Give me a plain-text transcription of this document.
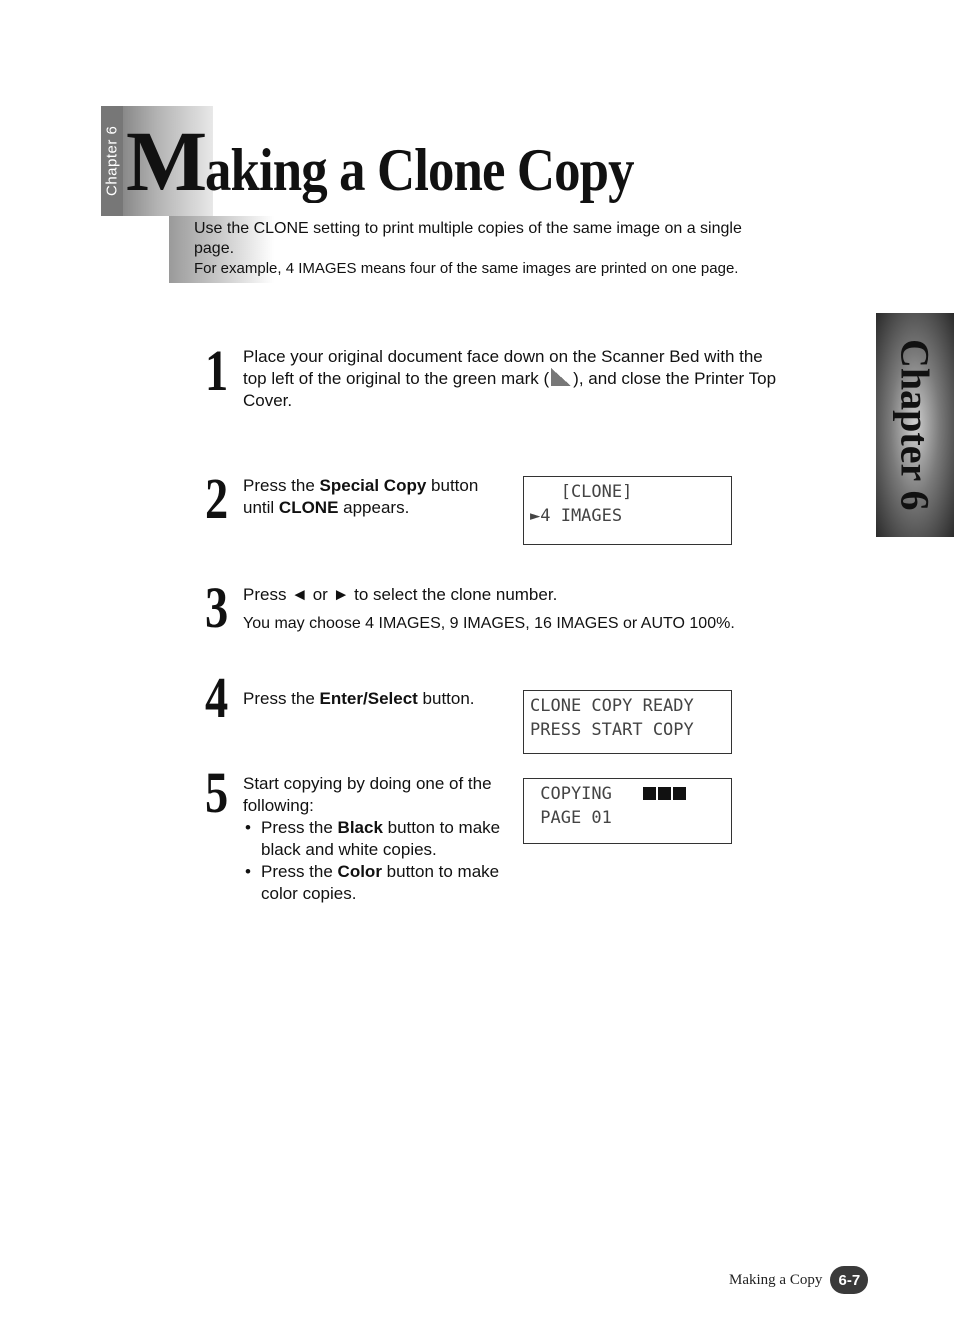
Chapter 6 Making a Clone Copy

Use the CLONE setting to print multiple copies of the same image on a single page.

For example, 4 IMAGES means four of the same images are printed on one page.

Chapter 6
1 Place your original document face down on the Scanner Bed with the top left of the original to the green mark ( ), and close the Printer Top Cover.
2 Press the Special Copy button until CLONE appears.
[CLONE]
►4 IMAGES
3 Press ◄ or ► to select the clone number.
You may choose 4 IMAGES, 9 IMAGES, 16 IMAGES or AUTO 100%.
4 Press the Enter/Select button.	CLONE COPY READY
PRESS START COPY
5 Start copying by doing one of the following:
• Press the Black button to make black and white copies.
• Press the Color button to make color copies.
COPYING
PAGE 01
Making a Copy	6-7
